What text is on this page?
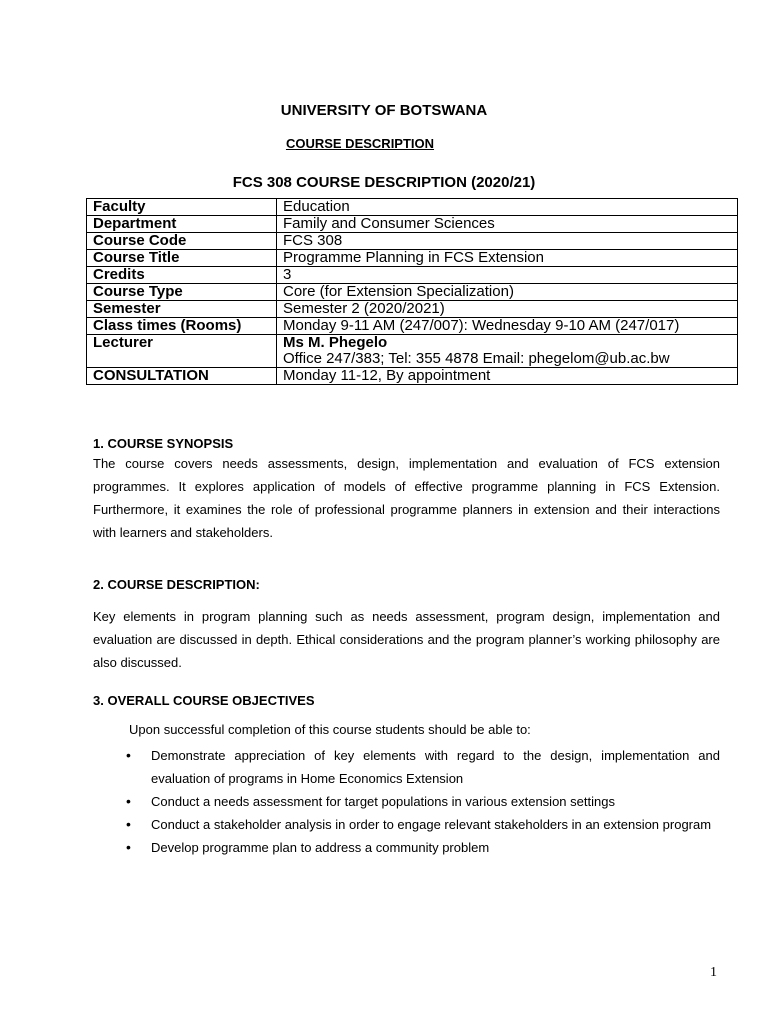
UNIVERSITY OF BOTSWANA
COURSE DESCRIPTION
FCS 308 COURSE DESCRIPTION (2020/21)
Faculty	Education
Department	Family and Consumer Sciences
Course Code	FCS 308
Course Title	Programme Planning in FCS Extension
Credits	3
Course Type	Core (for Extension Specialization)
Semester	Semester 2 (2020/2021)
Class times (Rooms)	Monday 9-11 AM (247/007): Wednesday 9-10 AM (247/017)
Lecturer	Ms M. Phegelo
Office 247/383; Tel: 355 4878 Email: phegelom@ub.ac.bw

CONSULTATION	Monday 11-12, By appointment
1. COURSE SYNOPSIS
The course covers needs assessments, design, implementation and evaluation of FCS extension programmes. It explores application of models of effective programme planning in FCS Extension. Furthermore, it examines the role of professional programme planners in extension and their interactions with learners and stakeholders.
2. COURSE DESCRIPTION:
Key elements in program planning such as needs assessment, program design, implementation and evaluation are discussed in depth. Ethical considerations and the program planner’s working philosophy are also discussed.
3. OVERALL COURSE OBJECTIVES
Upon successful completion of this course students should be able to:
• Demonstrate appreciation of key elements with regard to the design, implementation and evaluation of programs in Home Economics Extension
• Conduct a needs assessment for target populations in various extension settings
• Conduct a stakeholder analysis in order to engage relevant stakeholders in an extension program
• Develop programme plan to address a community problem
1
